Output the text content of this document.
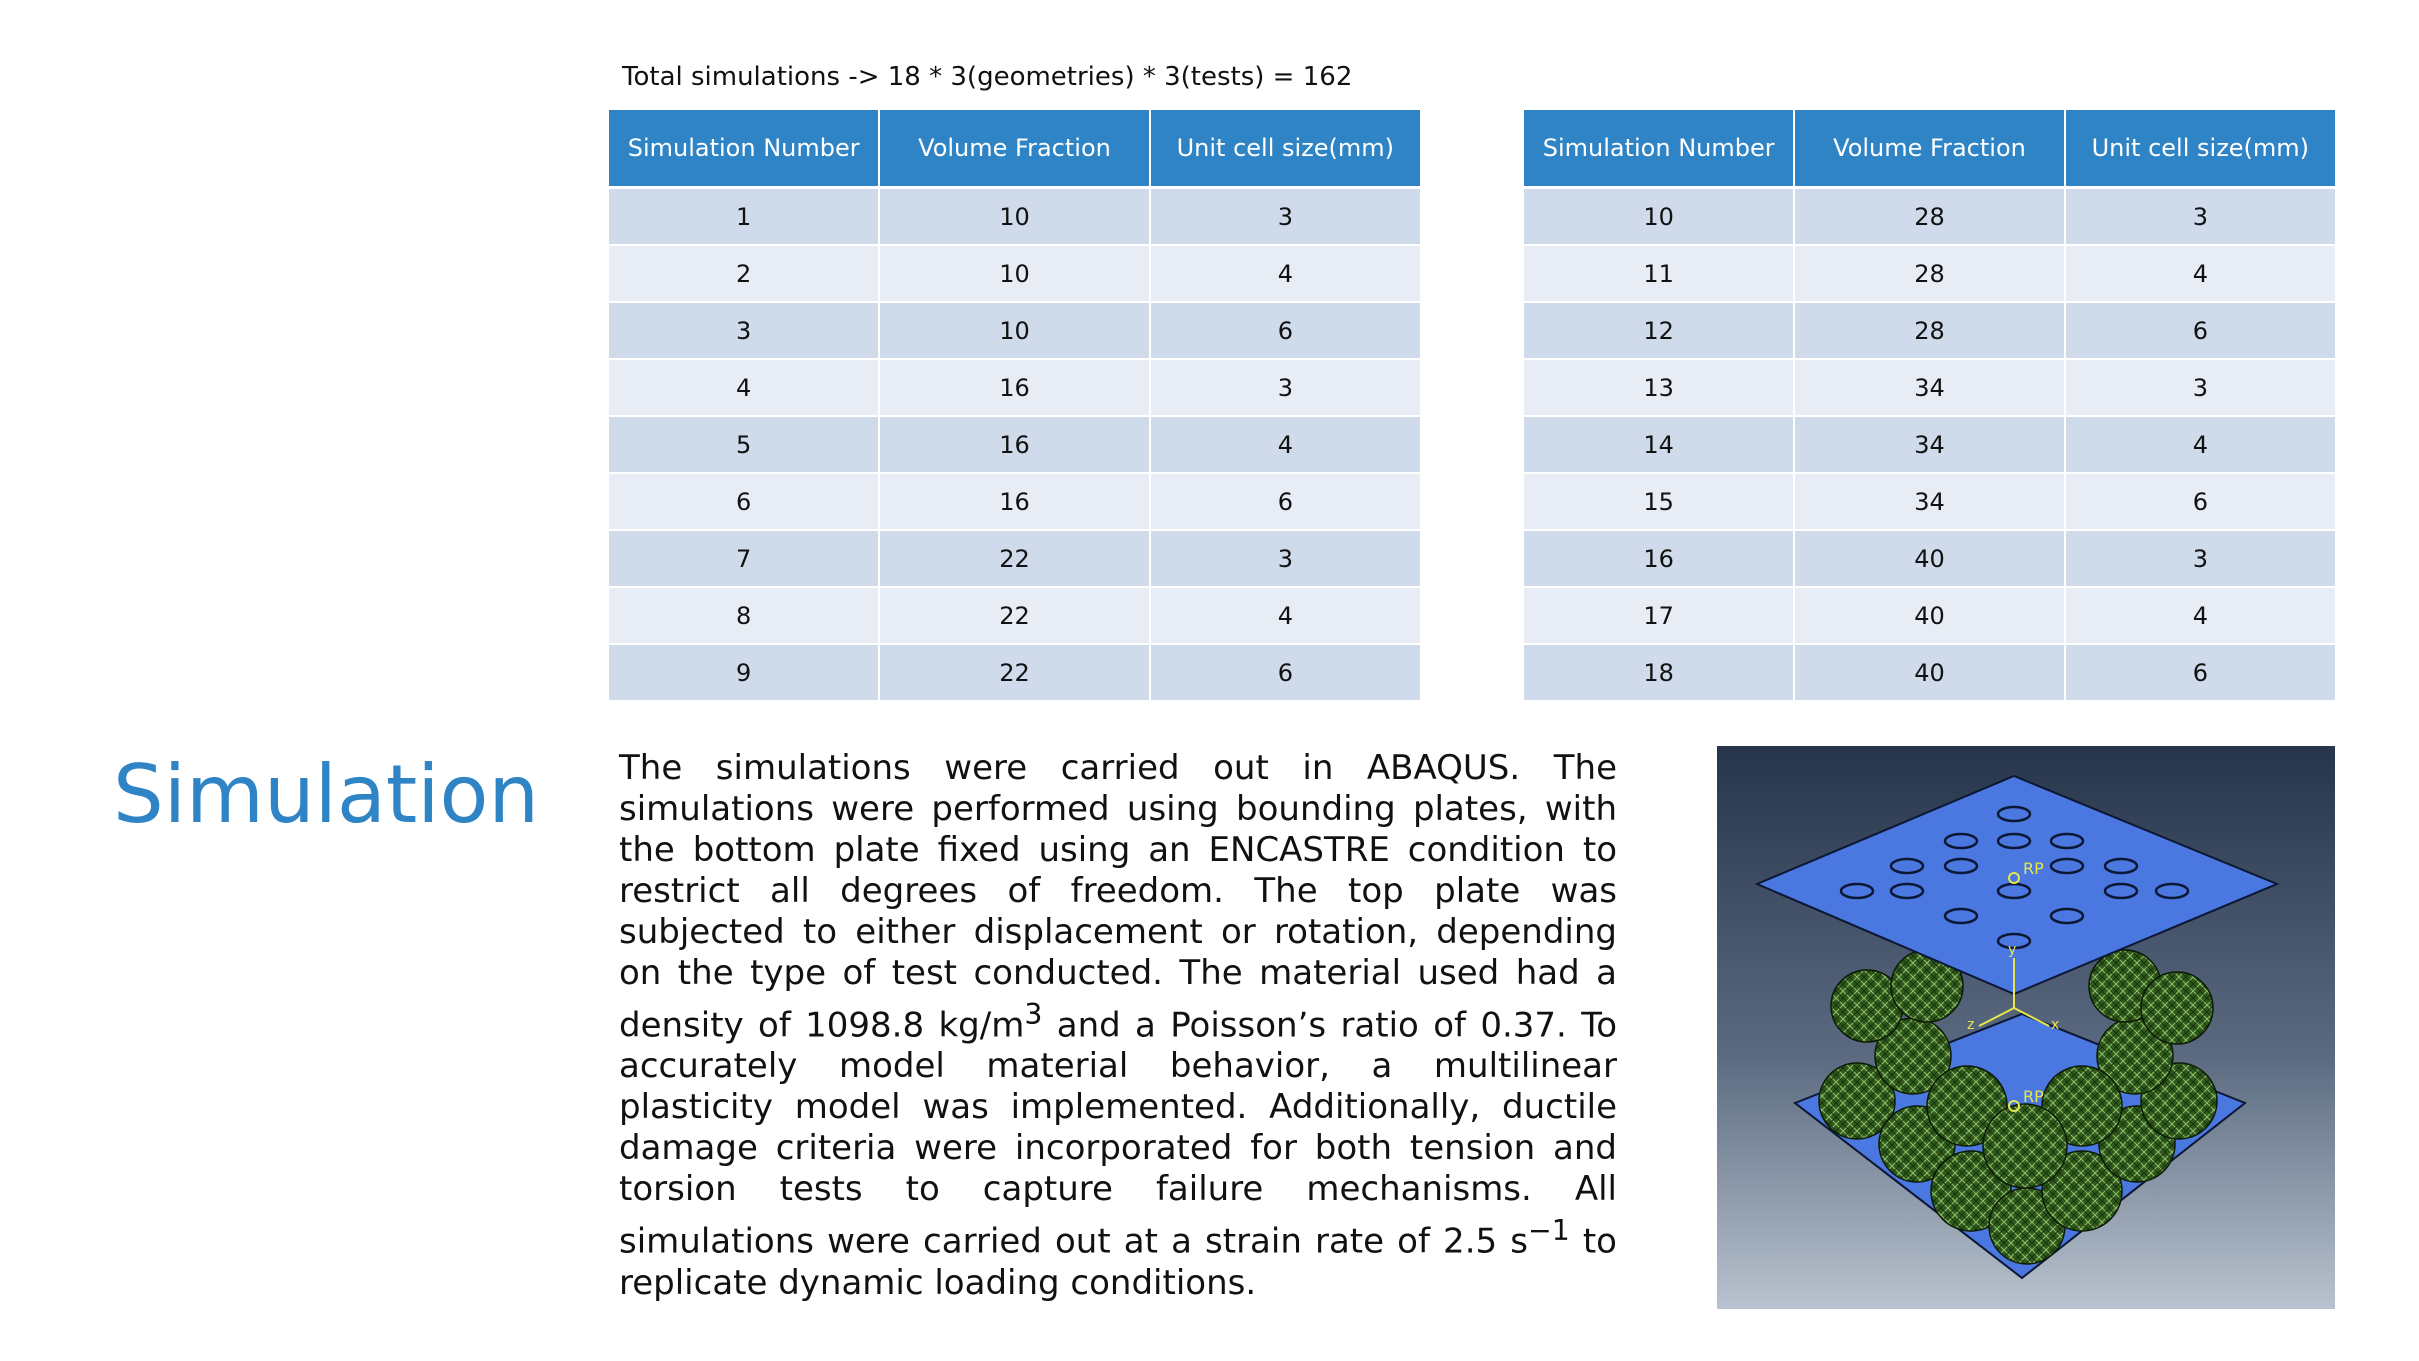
Total simulations -> 18 * 3(geometries) * 3(tests) = 162
Simulation Number	Volume Fraction	Unit cell size(mm)
1	10	3
2	10	4
3	10	6
4	16	3
5	16	4
6	16	6
7	22	3
8	22	4
9	22	6
Simulation Number	Volume Fraction	Unit cell size(mm)
10	28	3
11	28	4
12	28	6
13	34	3
14	34	4
15	34	6
16	40	3
17	40	4
18	40	6
Simulation The simulations were carried out in ABAQUS. The simulations were performed using bounding plates, with the bottom plate fixed using an ENCASTRE condition to restrict all degrees of freedom. The top plate was subjected to either displacement or rotation, depending on the type of test conducted. The material used had a density of 1098.8 $kg/m^3$ and a Poisson’s ratio of 0.37. To accurately model material behavior, a multilinear plasticity model was implemented. Additionally, ductile damage criteria were incorporated for both tension and torsion tests to capture failure mechanisms. All simulations were carried out at a strain rate of 2.5 $s^{-1}$ to replicate dynamic loading conditions.

RP
RP
y
x
z
